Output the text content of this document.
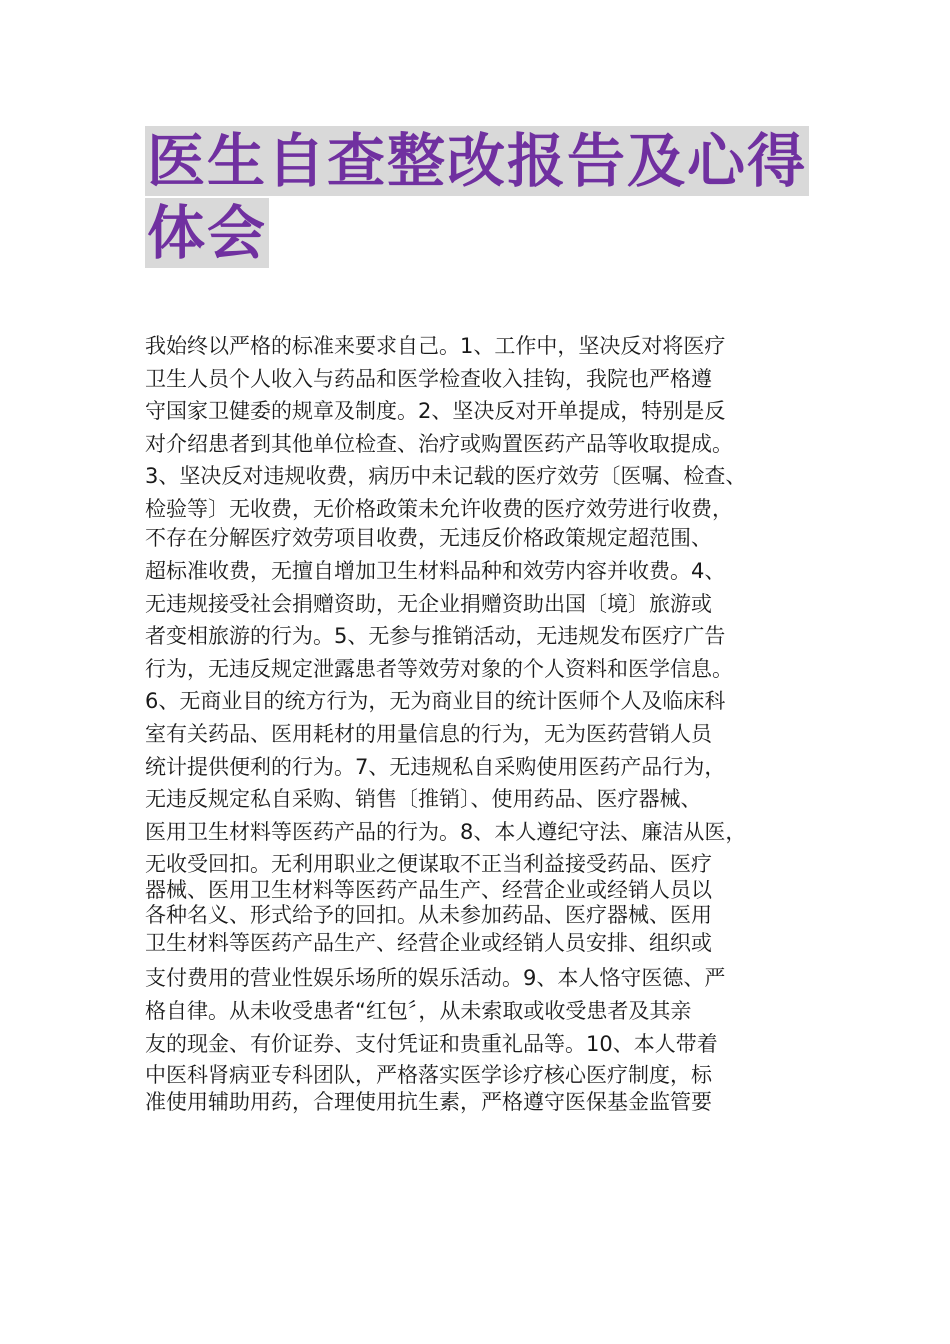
医生自查整改报告及心得
体会
我始终以严格的标准来要求自己。1、工作中，坚决反对将医疗
卫生人员个人收入与药品和医学检查收入挂钩，我院也严格遵
守国家卫健委的规章及制度。2、坚决反对开单提成，特别是反
对介绍患者到其他单位检查、治疗或购置医药产品等收取提成。
3、坚决反对违规收费，病历中未记载的医疗效劳〔医嘱、检查、
检验等〕无收费，无价格政策未允许收费的医疗效劳进行收费，
不存在分解医疗效劳项目收费，无违反价格政策规定超范围、
超标准收费，无擅自增加卫生材料品种和效劳内容并收费。4、
无违规接受社会捐赠资助，无企业捐赠资助出国〔境〕旅游或
者变相旅游的行为。5、无参与推销活动，无违规发布医疗广告
行为，无违反规定泄露患者等效劳对象的个人资料和医学信息。
6、无商业目的统方行为，无为商业目的统计医师个人及临床科
室有关药品、医用耗材的用量信息的行为，无为医药营销人员
统计提供便利的行为。7、无违规私自采购使用医药产品行为，
无违反规定私自采购、销售〔推销〕、使用药品、医疗器械、
医用卫生材料等医药产品的行为。8、本人遵纪守法、廉洁从医，
无收受回扣。无利用职业之便谋取不正当利益接受药品、医疗
器械、医用卫生材料等医药产品生产、经营企业或经销人员以
各种名义、形式给予的回扣。从未参加药品、医疗器械、医用
卫生材料等医药产品生产、经营企业或经销人员安排、组织或
支付费用的营业性娱乐场所的娱乐活动。9、本人恪守医德、严
格自律。从未收受患者“红包〞，从未索取或收受患者及其亲
友的现金、有价证券、支付凭证和贵重礼品等。10、本人带着
中医科肾病亚专科团队，严格落实医学诊疗核心医疗制度，标
准使用辅助用药，合理使用抗生素，严格遵守医保基金监管要
